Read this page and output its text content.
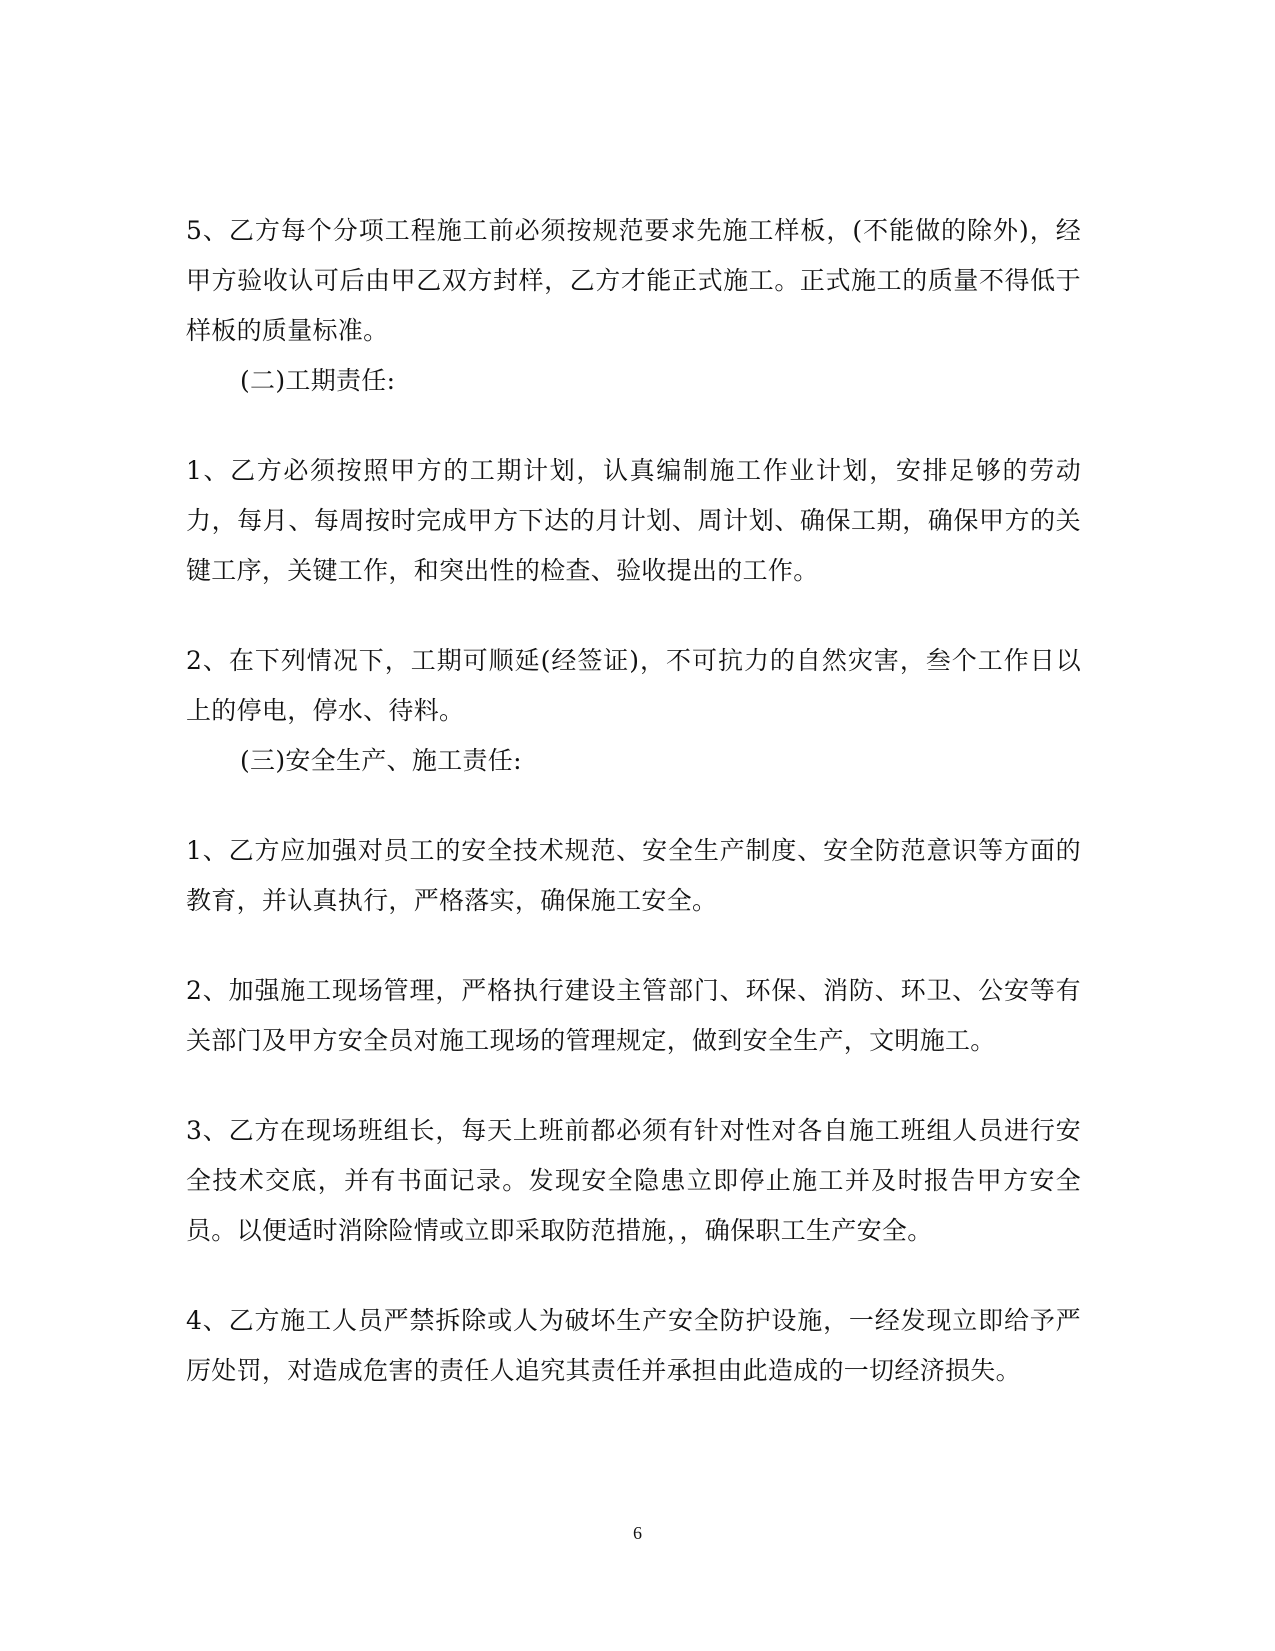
5、乙方每个分项工程施工前必须按规范要求先施工样板，(不能做的除外)，经甲方验收认可后由甲乙双方封样，乙方才能正式施工。正式施工的质量不得低于样板的质量标准。

(二)工期责任:

1、乙方必须按照甲方的工期计划，认真编制施工作业计划，安排足够的劳动力，每月、每周按时完成甲方下达的月计划、周计划、确保工期，确保甲方的关键工序，关键工作，和突出性的检查、验收提出的工作。

2、在下列情况下，工期可顺延(经签证)，不可抗力的自然灾害，叁个工作日以上的停电，停水、待料。

(三)安全生产、施工责任:

1、乙方应加强对员工的安全技术规范、安全生产制度、安全防范意识等方面的教育，并认真执行，严格落实，确保施工安全。

2、加强施工现场管理，严格执行建设主管部门、环保、消防、环卫、公安等有关部门及甲方安全员对施工现场的管理规定，做到安全生产，文明施工。

3、乙方在现场班组长，每天上班前都必须有针对性对各自施工班组人员进行安全技术交底，并有书面记录。发现安全隐患立即停止施工并及时报告甲方安全员。以便适时消除险情或立即采取防范措施，，确保职工生产安全。

4、乙方施工人员严禁拆除或人为破坏生产安全防护设施，一经发现立即给予严厉处罚，对造成危害的责任人追究其责任并承担由此造成的一切经济损失。

6
